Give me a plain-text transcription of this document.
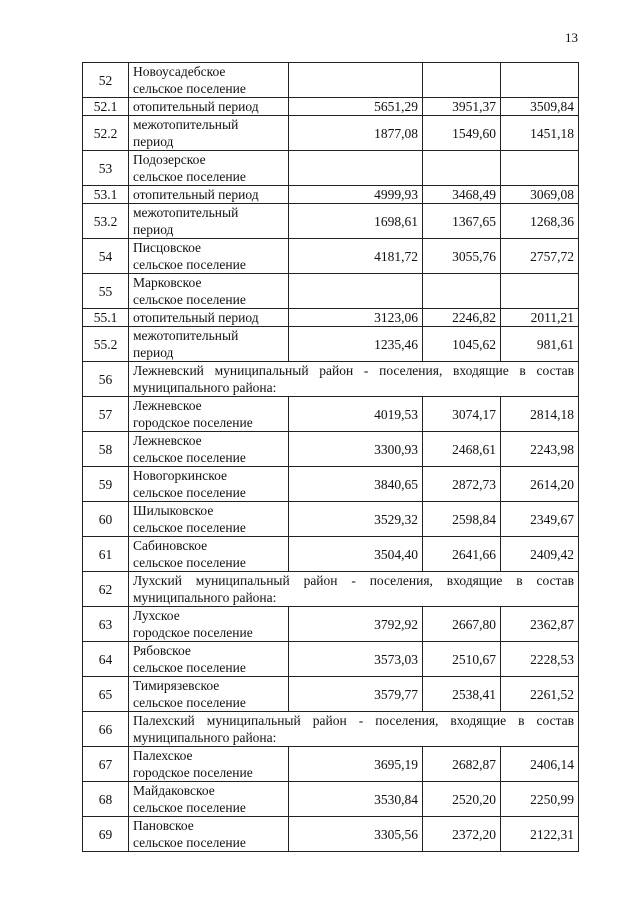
13
52	Новоусадебское
сельское поселение			

52.1	отопительный период	5651,29	3951,37	3509,84
52.2	межотопительный
период	1877,08	1549,60	1451,18
53	Подозерское
сельское поселение			

53.1	отопительный период	4999,93	3468,49	3069,08
53.2	межотопительный
период	1698,61	1367,65	1268,36
54	Писцовское
сельское поселение	4181,72	3055,76	2757,72
55	Марковское
сельское поселение			

55.1	отопительный период	3123,06	2246,82	2011,21
55.2	межотопительный
период	1235,46	1045,62	981,61
56	Лежневский муниципальный район - поселения, входящие в состав муниципального района:			
57	Лежневское
городское поселение	4019,53	3074,17	2814,18
58	Лежневское
сельское поселение	3300,93	2468,61	2243,98
59	Новогоркинское
сельское поселение	3840,65	2872,73	2614,20
60	Шилыковское
сельское поселение	3529,32	2598,84	2349,67
61	Сабиновское
сельское поселение	3504,40	2641,66	2409,42
62	Лухский муниципальный район - поселения, входящие в состав муниципального района:			
63	Лухское
городское поселение	3792,92	2667,80	2362,87
64	Рябовское
сельское поселение	3573,03	2510,67	2228,53
65	Тимирязевское
сельское поселение	3579,77	2538,41	2261,52
66	Палехский муниципальный район - поселения, входящие в состав муниципального района:			
67	Палехское
городское поселение	3695,19	2682,87	2406,14
68	Майдаковское
сельское поселение	3530,84	2520,20	2250,99
69	Пановское
сельское поселение	3305,56	2372,20	2122,31
